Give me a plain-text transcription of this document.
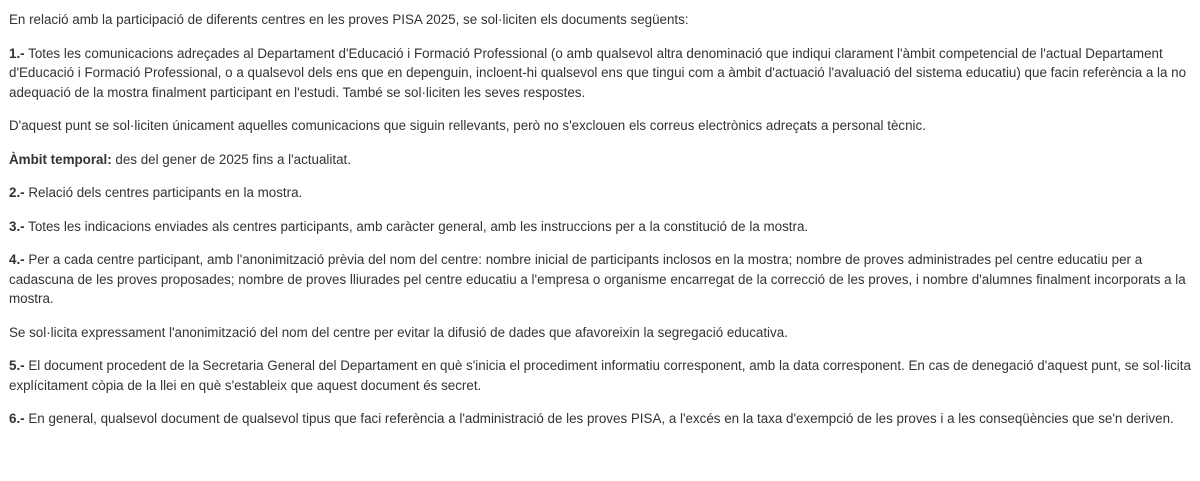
En relació amb la participació de diferents centres en les proves PISA 2025, se sol·liciten els documents següents:

1.- Totes les comunicacions adreçades al Departament d'Educació i Formació Professional (o amb qualsevol altra denominació que indiqui clarament l'àmbit competencial de l'actual Departament d'Educació i Formació Professional, o a qualsevol dels ens que en depenguin, incloent-hi qualsevol ens que tingui com a àmbit d'actuació l'avaluació del sistema educatiu) que facin referència a la no adequació de la mostra finalment participant en l'estudi. També se sol·liciten les seves respostes.

D'aquest punt se sol·liciten únicament aquelles comunicacions que siguin rellevants, però no s'exclouen els correus electrònics adreçats a personal tècnic.

Àmbit temporal: des del gener de 2025 fins a l'actualitat.

2.- Relació dels centres participants en la mostra.

3.- Totes les indicacions enviades als centres participants, amb caràcter general, amb les instruccions per a la constitució de la mostra.

4.- Per a cada centre participant, amb l'anonimització prèvia del nom del centre: nombre inicial de participants inclosos en la mostra; nombre de proves administrades pel centre educatiu per a cadascuna de les proves proposades; nombre de proves lliurades pel centre educatiu a l'empresa o organisme encarregat de la correcció de les proves, i nombre d'alumnes finalment incorporats a la mostra.

Se sol·licita expressament l'anonimització del nom del centre per evitar la difusió de dades que afavoreixin la segregació educativa.

5.- El document procedent de la Secretaria General del Departament en què s'inicia el procediment informatiu corresponent, amb la data corresponent. En cas de denegació d'aquest punt, se sol·licita explícitament còpia de la llei en què s'estableix que aquest document és secret.

6.- En general, qualsevol document de qualsevol tipus que faci referència a l'administració de les proves PISA, a l'excés en la taxa d'exempció de les proves i a les conseqüències que se'n deriven.
